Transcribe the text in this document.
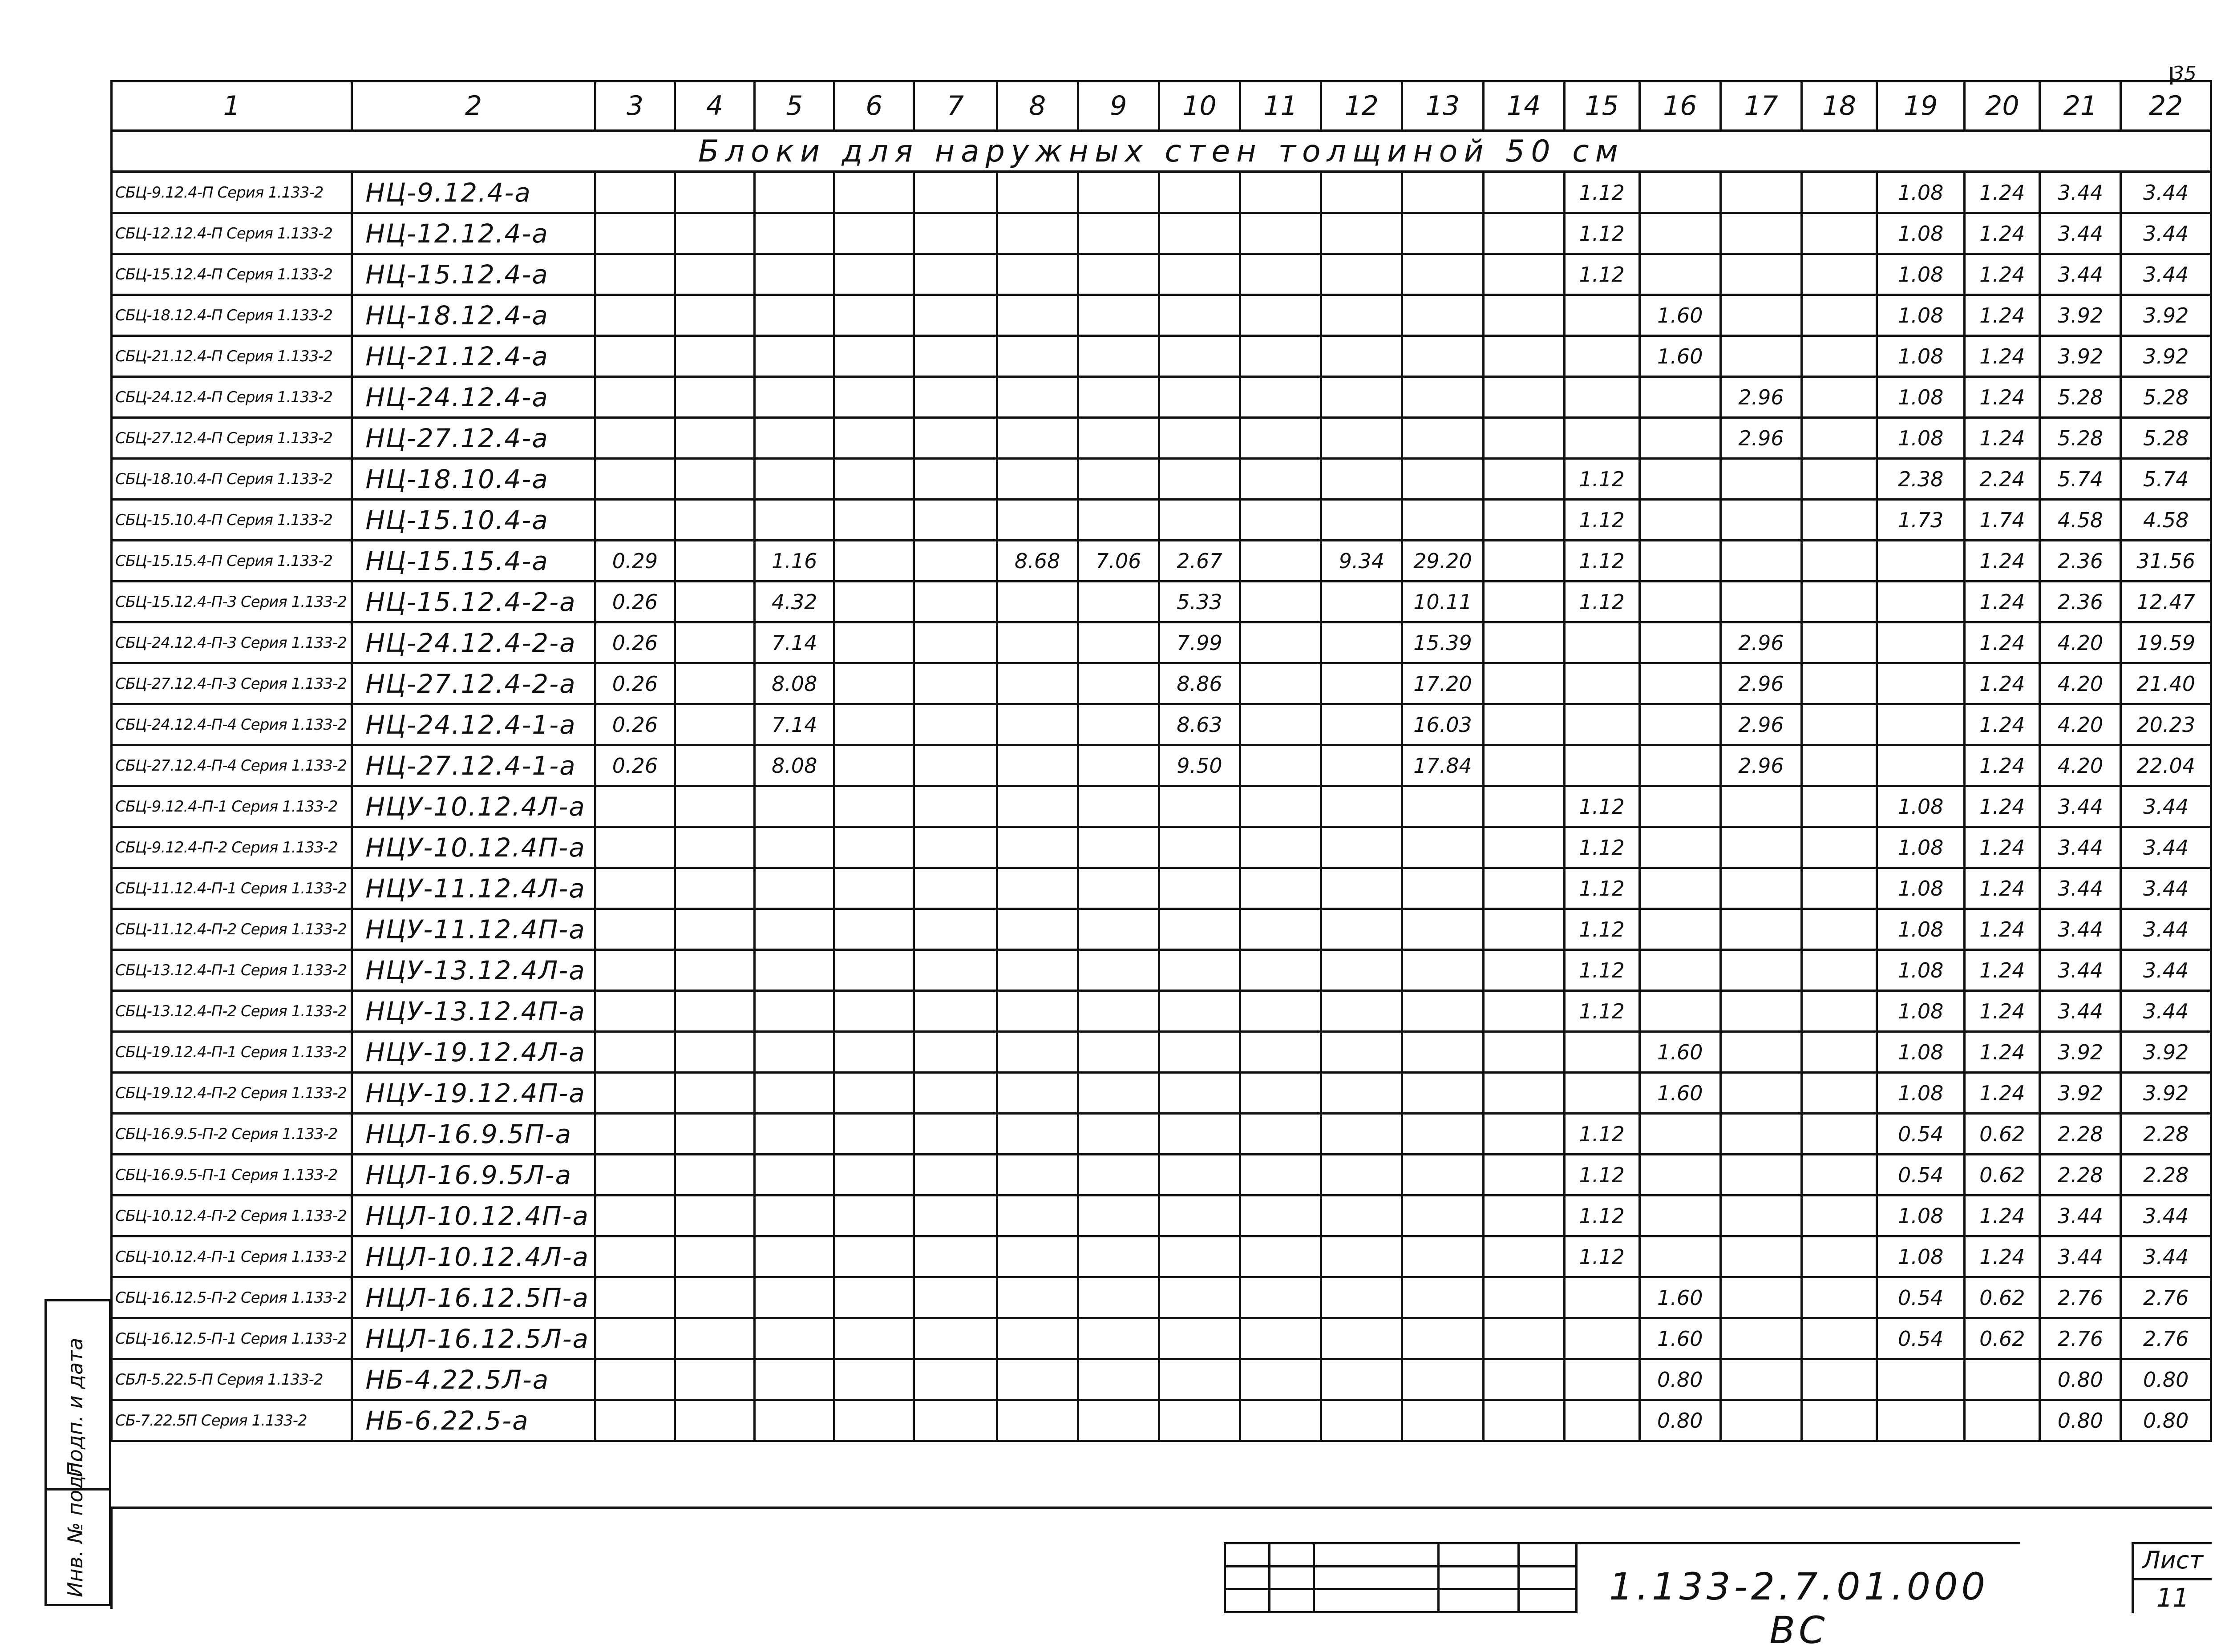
35
1	2	3	4	5	6	7	8	9	10	11	12	13	14	15	16	17	18	19	20	21	22
Блоки для наружных стен толщиной 50 см																					
СБЦ-9.12.4-П Серия 1.133-2	НЦ-9.12.4-а													1.12				1.08	1.24	3.44	3.44
СБЦ-12.12.4-П Серия 1.133-2	НЦ-12.12.4-а													1.12				1.08	1.24	3.44	3.44
СБЦ-15.12.4-П Серия 1.133-2	НЦ-15.12.4-а													1.12				1.08	1.24	3.44	3.44
СБЦ-18.12.4-П Серия 1.133-2	НЦ-18.12.4-а														1.60			1.08	1.24	3.92	3.92
СБЦ-21.12.4-П Серия 1.133-2	НЦ-21.12.4-а														1.60			1.08	1.24	3.92	3.92
СБЦ-24.12.4-П Серия 1.133-2	НЦ-24.12.4-а															2.96		1.08	1.24	5.28	5.28
СБЦ-27.12.4-П Серия 1.133-2	НЦ-27.12.4-а															2.96		1.08	1.24	5.28	5.28
СБЦ-18.10.4-П Серия 1.133-2	НЦ-18.10.4-а													1.12				2.38	2.24	5.74	5.74
СБЦ-15.10.4-П Серия 1.133-2	НЦ-15.10.4-а													1.12				1.73	1.74	4.58	4.58
СБЦ-15.15.4-П Серия 1.133-2	НЦ-15.15.4-а	0.29		1.16			8.68	7.06	2.67		9.34	29.20		1.12					1.24	2.36	31.56
СБЦ-15.12.4-П-3 Серия 1.133-2	НЦ-15.12.4-2-а	0.26		4.32					5.33			10.11		1.12					1.24	2.36	12.47
СБЦ-24.12.4-П-3 Серия 1.133-2	НЦ-24.12.4-2-а	0.26		7.14					7.99			15.39				2.96			1.24	4.20	19.59
СБЦ-27.12.4-П-3 Серия 1.133-2	НЦ-27.12.4-2-а	0.26		8.08					8.86			17.20				2.96			1.24	4.20	21.40
СБЦ-24.12.4-П-4 Серия 1.133-2	НЦ-24.12.4-1-а	0.26		7.14					8.63			16.03				2.96			1.24	4.20	20.23
СБЦ-27.12.4-П-4 Серия 1.133-2	НЦ-27.12.4-1-а	0.26		8.08					9.50			17.84				2.96			1.24	4.20	22.04
СБЦ-9.12.4-П-1 Серия 1.133-2	НЦУ-10.12.4Л-а													1.12				1.08	1.24	3.44	3.44
СБЦ-9.12.4-П-2 Серия 1.133-2	НЦУ-10.12.4П-а													1.12				1.08	1.24	3.44	3.44
СБЦ-11.12.4-П-1 Серия 1.133-2	НЦУ-11.12.4Л-а													1.12				1.08	1.24	3.44	3.44
СБЦ-11.12.4-П-2 Серия 1.133-2	НЦУ-11.12.4П-а													1.12				1.08	1.24	3.44	3.44
СБЦ-13.12.4-П-1 Серия 1.133-2	НЦУ-13.12.4Л-а													1.12				1.08	1.24	3.44	3.44
СБЦ-13.12.4-П-2 Серия 1.133-2	НЦУ-13.12.4П-а													1.12				1.08	1.24	3.44	3.44
СБЦ-19.12.4-П-1 Серия 1.133-2	НЦУ-19.12.4Л-а														1.60			1.08	1.24	3.92	3.92
СБЦ-19.12.4-П-2 Серия 1.133-2	НЦУ-19.12.4П-а														1.60			1.08	1.24	3.92	3.92
СБЦ-16.9.5-П-2 Серия 1.133-2	НЦЛ-16.9.5П-а													1.12				0.54	0.62	2.28	2.28
СБЦ-16.9.5-П-1 Серия 1.133-2	НЦЛ-16.9.5Л-а													1.12				0.54	0.62	2.28	2.28
СБЦ-10.12.4-П-2 Серия 1.133-2	НЦЛ-10.12.4П-а													1.12				1.08	1.24	3.44	3.44
СБЦ-10.12.4-П-1 Серия 1.133-2	НЦЛ-10.12.4Л-а													1.12				1.08	1.24	3.44	3.44
СБЦ-16.12.5-П-2 Серия 1.133-2	НЦЛ-16.12.5П-а														1.60			0.54	0.62	2.76	2.76
СБЦ-16.12.5-П-1 Серия 1.133-2	НЦЛ-16.12.5Л-а														1.60			0.54	0.62	2.76	2.76
СБЛ-5.22.5-П Серия 1.133-2	НБ-4.22.5Л-а														0.80					0.80	0.80
СБ-7.22.5П Серия 1.133-2	НБ-6.22.5-а														0.80					0.80	0.80
Подп. и дата
Инв. № подл.

					1.133-2.7.01.000 ВС
Лист
11
